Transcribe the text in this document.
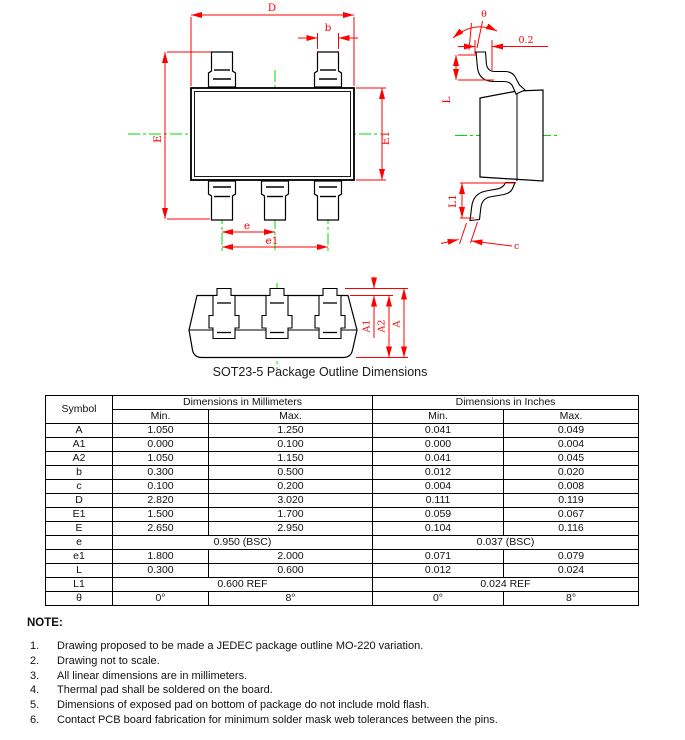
D
b
E	E1
e
e1
θ
0.2
L
L1
c
A1 A2 A
SOT23-5 Package Outline Dimensions
Symbol	Dimensions in Millimeters		Dimensions in Inches	
	Min.	Max.	Min.	Max.
A	1.050	1.250	0.041	0.049
A1	0.000	0.100	0.000	0.004
A2	1.050	1.150	0.041	0.045
b	0.300	0.500	0.012	0.020
c	0.100	0.200	0.004	0.008
D	2.820	3.020	0.111	0.119
E1	1.500	1.700	0.059	0.067
E	2.650	2.950	0.104	0.116
e	0.950 (BSC)		0.037 (BSC)	
e1	1.800	2.000	0.071	0.079
L	0.300	0.600	0.012	0.024
L1	0.600 REF		0.024 REF	
θ	0°	8°	0°	8°
NOTE:
1.	Drawing proposed to be made a JEDEC package outline MO-220 variation.
2.	Drawing not to scale.
3.	All linear dimensions are in millimeters.
4.	Thermal pad shall be soldered on the board.
5.	Dimensions of exposed pad on bottom of package do not include mold flash.
6.	Contact PCB board fabrication for minimum solder mask web tolerances between the pins.
